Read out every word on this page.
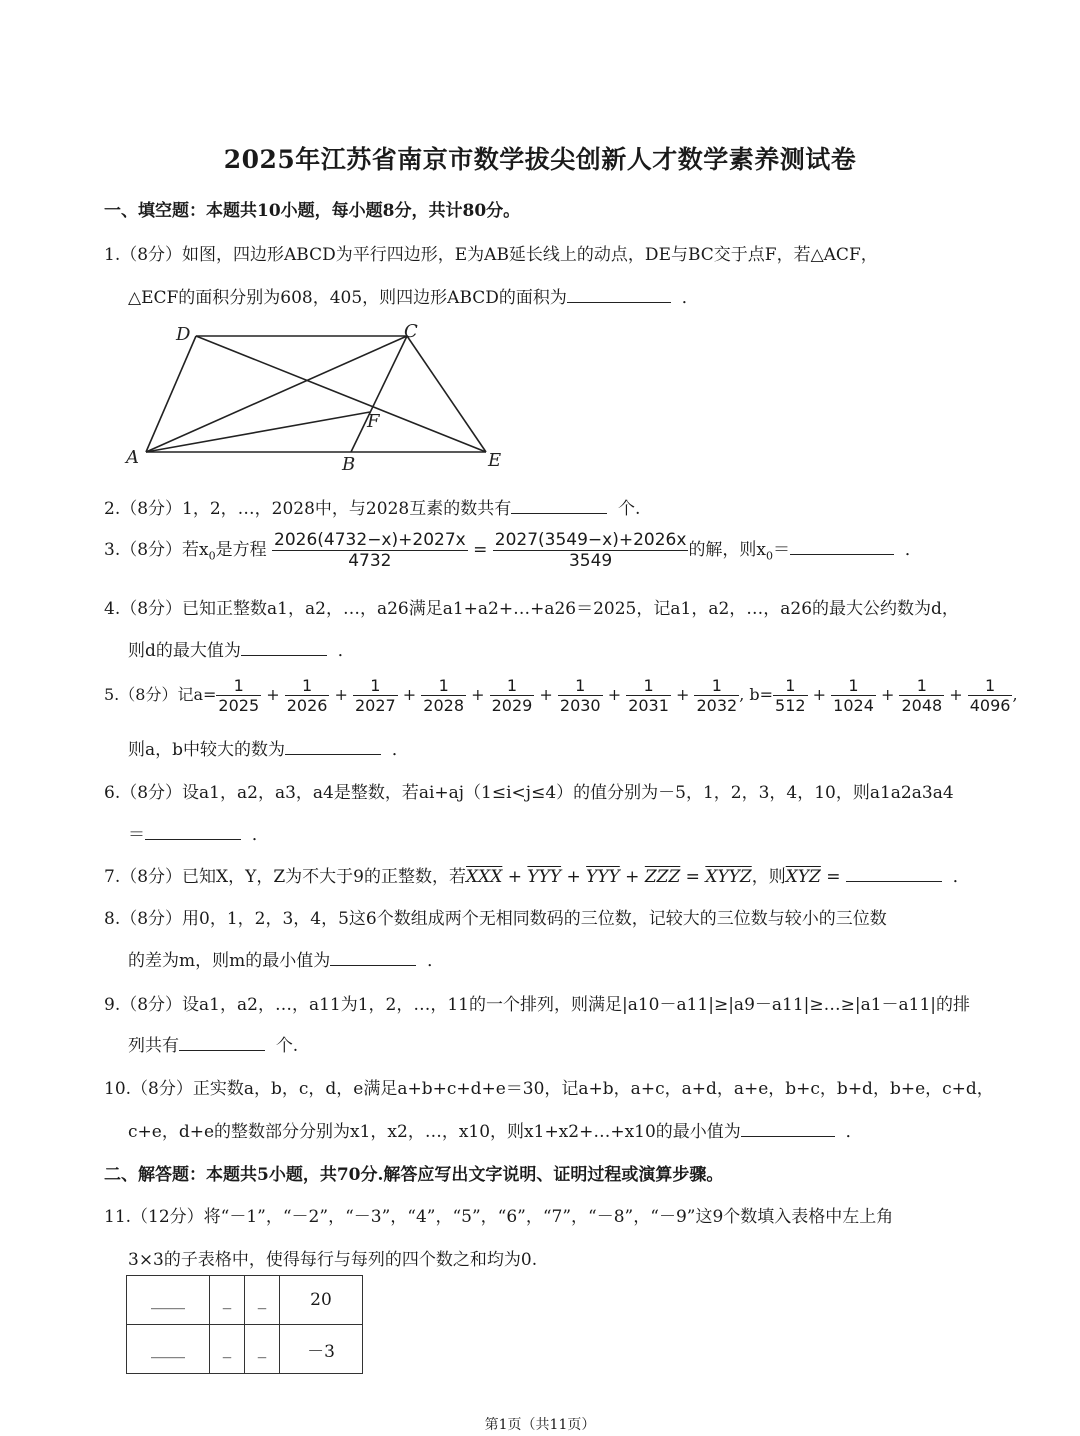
2025年江苏省南京市数学拔尖创新人才数学素养测试卷
一、填空题：本题共10小题，每小题8分，共计80分。
1.（8分）如图，四边形ABCD为平行四边形，E为AB延长线上的动点，DE与BC交于点F，若△ACF，
△ECF的面积分别为608，405，则四边形ABCD的面积为	．
A	B
C
D
E
F
2.（8分）1，2，…，2028中，与2028互素的数共有	个.
3.（8分）若$x_0$是方程 $\frac{2026(4732-x)+2027x}{4732} = \frac{2027(3549-x)+2026x}{3549}$ 的解，则$x_0=$	．
4.（8分）已知正整数a1，a2，…，a26满足a1+a2+…+a26＝2025，记a1，a2，…，a26的最大公约数为d，
则d的最大值为	．
5.（8分）记$a= \frac{1}{2025} + \frac{1}{2026} + \frac{1}{2027} + \frac{1}{2028} + \frac{1}{2029} + \frac{1}{2030} + \frac{1}{2031} + \frac{1}{2032}$ , $b= \frac{1}{512} + \frac{1}{1024} + \frac{1}{2048} + \frac{1}{4096}$ ,
则a，b中较大的数为	．
6.（8分）设a1，a2，a3，a4是整数，若ai+aj（1≤i<j≤4）的值分别为－5，1，2，3，4，10，则a1a2a3a4
＝	．
7.（8分）已知X，Y，Z为不大于9的正整数，若$\overline{XXX} + \overline{YYY} + \overline{YYY} + \overline{ZZZ}$ = XYYZ，则$\overline{XYZ}$ =	．
8.（8分）用0，1，2，3，4，5这6个数组成两个无相同数码的三位数，记较大的三位数与较小的三位数
的差为m，则m的最小值为	．
9.（8分）设a1，a2，…，a11为1，2，…，11的一个排列，则满足|a10－a11|≥|a9－a11|≥…≥|a1－a11|的排
列共有	个.
10.（8分）正实数a，b，c，d，e满足a+b+c+d+e＝30，记a+b，a+c，a+d，a+e，b+c，b+d，b+e，c+d，
c+e，d+e的整数部分分别为x1，x2，…，x10，则x1+x2+…+x10的最小值为	．
二、解答题：本题共5小题，共70分.解答应写出文字说明、证明过程或演算步骤。
11.（12分）将“－1”，“－2”，“－3”，“4”，“5”，“6”，“7”，“－8”，“－9”这9个数填入表格中左上角
3×3的子表格中，使得每行与每列的四个数之和均为0.
____	_	_	20
____	_	_	－3
第1页（共11页）
